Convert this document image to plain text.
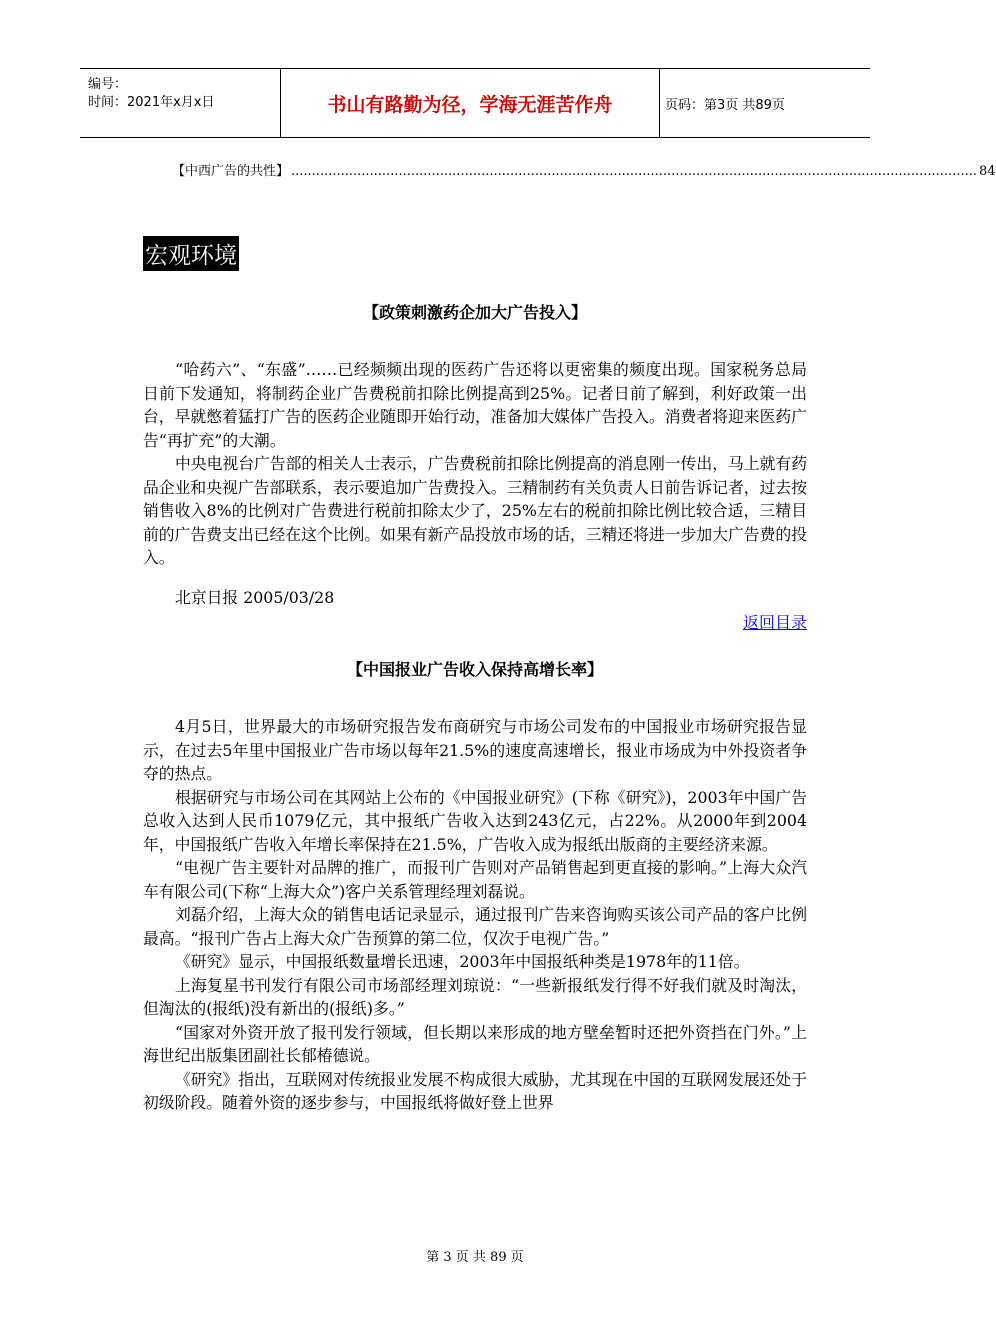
编号：
时间：2021年x月x日	书山有路勤为径，学海无涯苦作舟	页码：第3页 共89页
【中西广告的共性】 ...................................................................................................................................................................... 84
宏观环境
【政策刺激药企加大广告投入】

“哈药六”、“东盛”……已经频频出现的医药广告还将以更密集的频度出现。国家税务总局日前下发通知，将制药企业广告费税前扣除比例提高到25%。记者日前了解到，利好政策一出台，早就憋着猛打广告的医药企业随即开始行动，准备加大媒体广告投入。消费者将迎来医药广告“再扩充”的大潮。

中央电视台广告部的相关人士表示，广告费税前扣除比例提高的消息刚一传出，马上就有药品企业和央视广告部联系，表示要追加广告费投入。三精制药有关负责人日前告诉记者，过去按销售收入8%的比例对广告费进行税前扣除太少了，25%左右的税前扣除比例比较合适，三精目前的广告费支出已经在这个比例。如果有新产品投放市场的话，三精还将进一步加大广告费的投入。

北京日报 2005/03/28
返回目录
【中国报业广告收入保持高增长率】

4月5日，世界最大的市场研究报告发布商研究与市场公司发布的中国报业市场研究报告显示，在过去5年里中国报业广告市场以每年21.5%的速度高速增长，报业市场成为中外投资者争夺的热点。

根据研究与市场公司在其网站上公布的《中国报业研究》(下称《研究》)，2003年中国广告总收入达到人民币1079亿元，其中报纸广告收入达到243亿元，占22%。从2000年到2004年，中国报纸广告收入年增长率保持在21.5%，广告收入成为报纸出版商的主要经济来源。

“电视广告主要针对品牌的推广，而报刊广告则对产品销售起到更直接的影响。”上海大众汽车有限公司(下称“上海大众”)客户关系管理经理刘磊说。

刘磊介绍，上海大众的销售电话记录显示，通过报刊广告来咨询购买该公司产品的客户比例最高。“报刊广告占上海大众广告预算的第二位，仅次于电视广告。”

《研究》显示，中国报纸数量增长迅速，2003年中国报纸种类是1978年的11倍。

上海复星书刊发行有限公司市场部经理刘琼说：“一些新报纸发行得不好我们就及时淘汰，但淘汰的(报纸)没有新出的(报纸)多。”

“国家对外资开放了报刊发行领域，但长期以来形成的地方壁垒暂时还把外资挡在门外。”上海世纪出版集团副社长郁椿德说。

《研究》指出，互联网对传统报业发展不构成很大威胁，尤其现在中国的互联网发展还处于初级阶段。随着外资的逐步参与，中国报纸将做好登上世界

第 3 页 共 89 页
